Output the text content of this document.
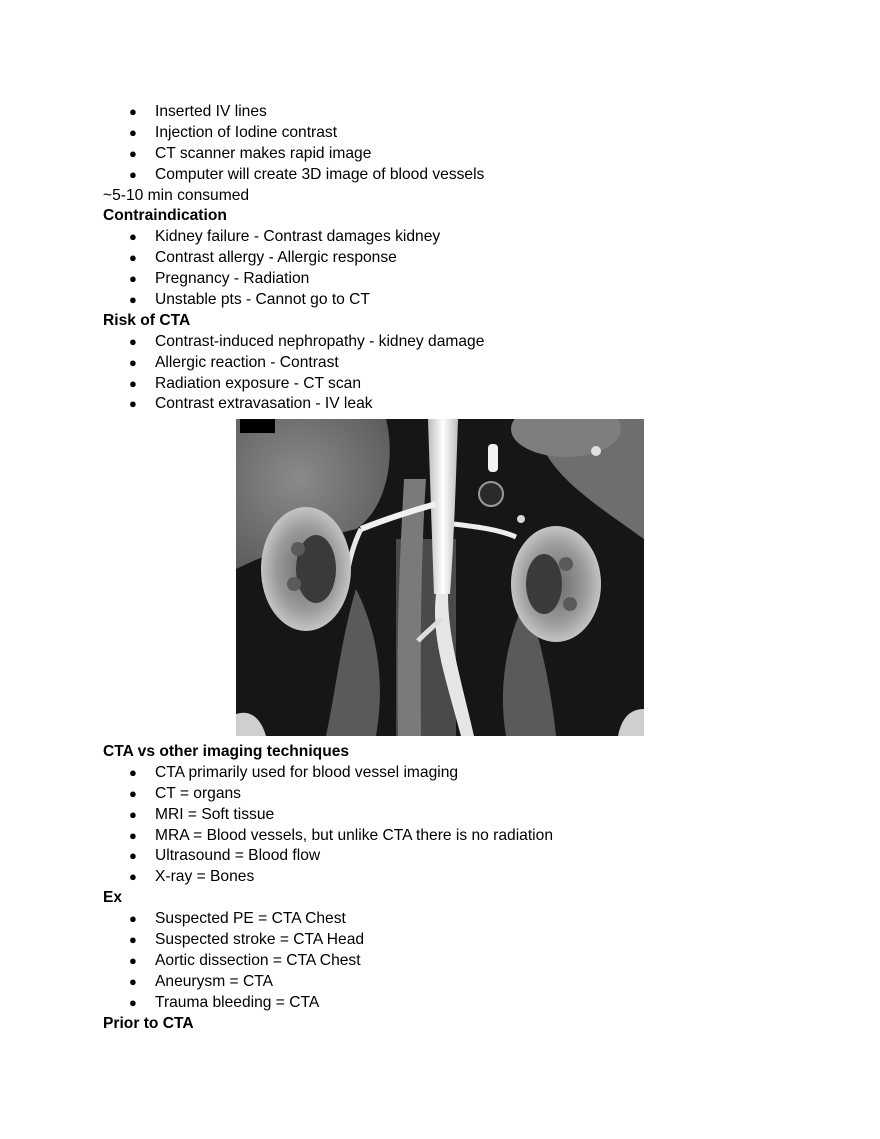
● Inserted IV lines
● Injection of Iodine contrast
● CT scanner makes rapid image
● Computer will create 3D image of blood vessels
~5-10 min consumed
Contraindication
● Kidney failure - Contrast damages kidney
● Contrast allergy - Allergic response
● Pregnancy - Radiation
● Unstable pts - Cannot go to CT
Risk of CTA
● Contrast-induced nephropathy - kidney damage
● Allergic reaction - Contrast
● Radiation exposure - CT scan
● Contrast extravasation - IV leak
CTA vs other imaging techniques
● CTA primarily used for blood vessel imaging
● CT = organs
● MRI = Soft tissue
● MRA = Blood vessels, but unlike CTA there is no radiation
● Ultrasound = Blood flow
● X-ray = Bones
Ex
● Suspected PE = CTA Chest
● Suspected stroke = CTA Head
● Aortic dissection = CTA Chest
● Aneurysm = CTA
● Trauma bleeding = CTA
Prior to CTA
